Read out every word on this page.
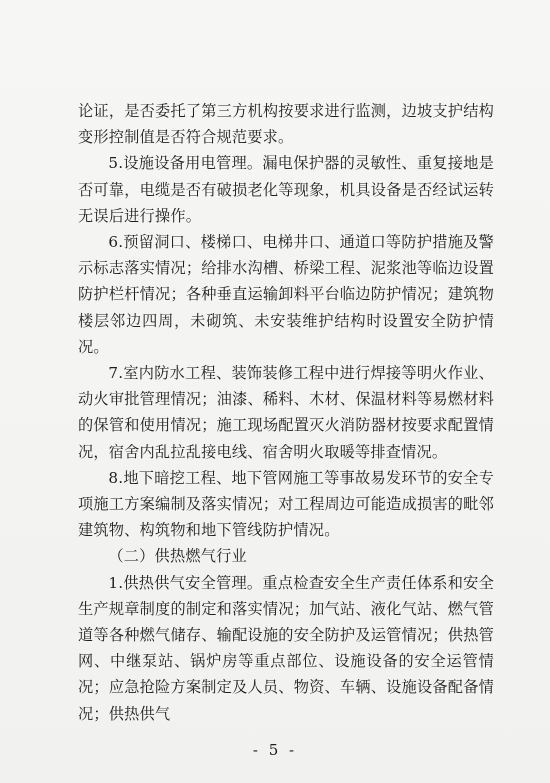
论证，是否委托了第三方机构按要求进行监测，边坡支护结构变形控制值是否符合规范要求。

5.设施设备用电管理。漏电保护器的灵敏性、重复接地是否可靠，电缆是否有破损老化等现象，机具设备是否经试运转无误后进行操作。

6.预留洞口、楼梯口、电梯井口、通道口等防护措施及警示标志落实情况；给排水沟槽、桥梁工程、泥浆池等临边设置防护栏杆情况；各种垂直运输卸料平台临边防护情况；建筑物楼层邻边四周，未砌筑、未安装维护结构时设置安全防护情况。

7.室内防水工程、装饰装修工程中进行焊接等明火作业、动火审批管理情况；油漆、稀料、木材、保温材料等易燃材料的保管和使用情况；施工现场配置灭火消防器材按要求配置情况，宿舍内乱拉乱接电线、宿舍明火取暖等排查情况。

8.地下暗挖工程、地下管网施工等事故易发环节的安全专项施工方案编制及落实情况；对工程周边可能造成损害的毗邻建筑物、构筑物和地下管线防护情况。

（二）供热燃气行业

1.供热供气安全管理。重点检查安全生产责任体系和安全生产规章制度的制定和落实情况；加气站、液化气站、燃气管道等各种燃气储存、输配设施的安全防护及运管情况；供热管网、中继泵站、锅炉房等重点部位、设施设备的安全运管情况；应急抢险方案制定及人员、物资、车辆、设施设备配备情况；供热供气

- 5 -
